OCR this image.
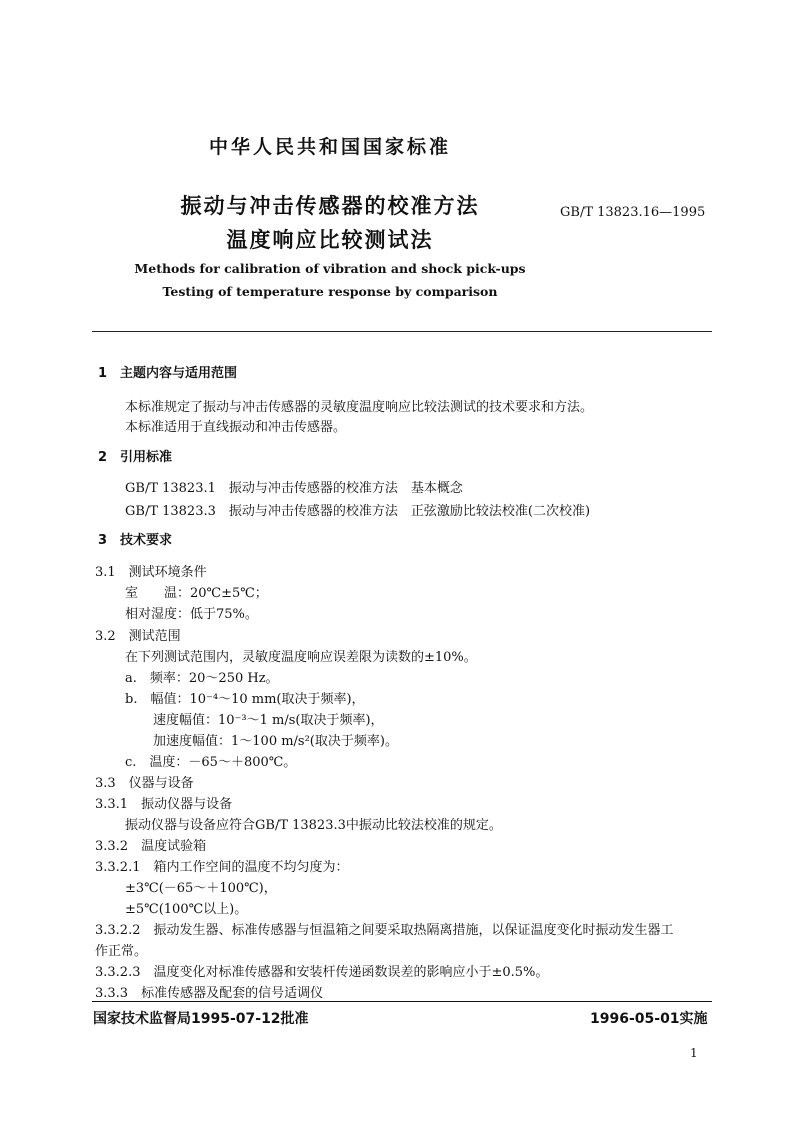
中华人民共和国国家标准
振动与冲击传感器的校准方法
温度响应比较测试法
GB/T 13823.16—1995
Methods for calibration of vibration and shock pick-ups
Testing of temperature response by comparison
1　主题内容与适用范围
本标准规定了振动与冲击传感器的灵敏度温度响应比较法测试的技术要求和方法。
本标准适用于直线振动和冲击传感器。
2　引用标准
GB/T 13823.1　振动与冲击传感器的校准方法　基本概念
GB/T 13823.3　振动与冲击传感器的校准方法　正弦激励比较法校准(二次校准)
3　技术要求
3.1　测试环境条件
室　　温：20℃±5℃；
相对湿度：低于75%。
3.2　测试范围
在下列测试范围内，灵敏度温度响应误差限为读数的±10%。
a.　频率：20～250 Hz。
b.　幅值：10⁻⁴～10 mm(取决于频率)，
速度幅值：10⁻³～1 m/s(取决于频率)，
加速度幅值：1～100 m/s²(取决于频率)。
c.　温度：－65～＋800℃。
3.3　仪器与设备
3.3.1　振动仪器与设备
振动仪器与设备应符合GB/T 13823.3中振动比较法校准的规定。
3.3.2　温度试验箱
3.3.2.1　箱内工作空间的温度不均匀度为：
±3℃(－65～＋100℃)，
±5℃(100℃以上)。
3.3.2.2　振动发生器、标准传感器与恒温箱之间要采取热隔离措施，以保证温度变化时振动发生器工
作正常。
3.3.2.3　温度变化对标准传感器和安装杆传递函数误差的影响应小于±0.5%。
3.3.3　标准传感器及配套的信号适调仪
国家技术监督局1995-07-12批准	1996-05-01实施
1
